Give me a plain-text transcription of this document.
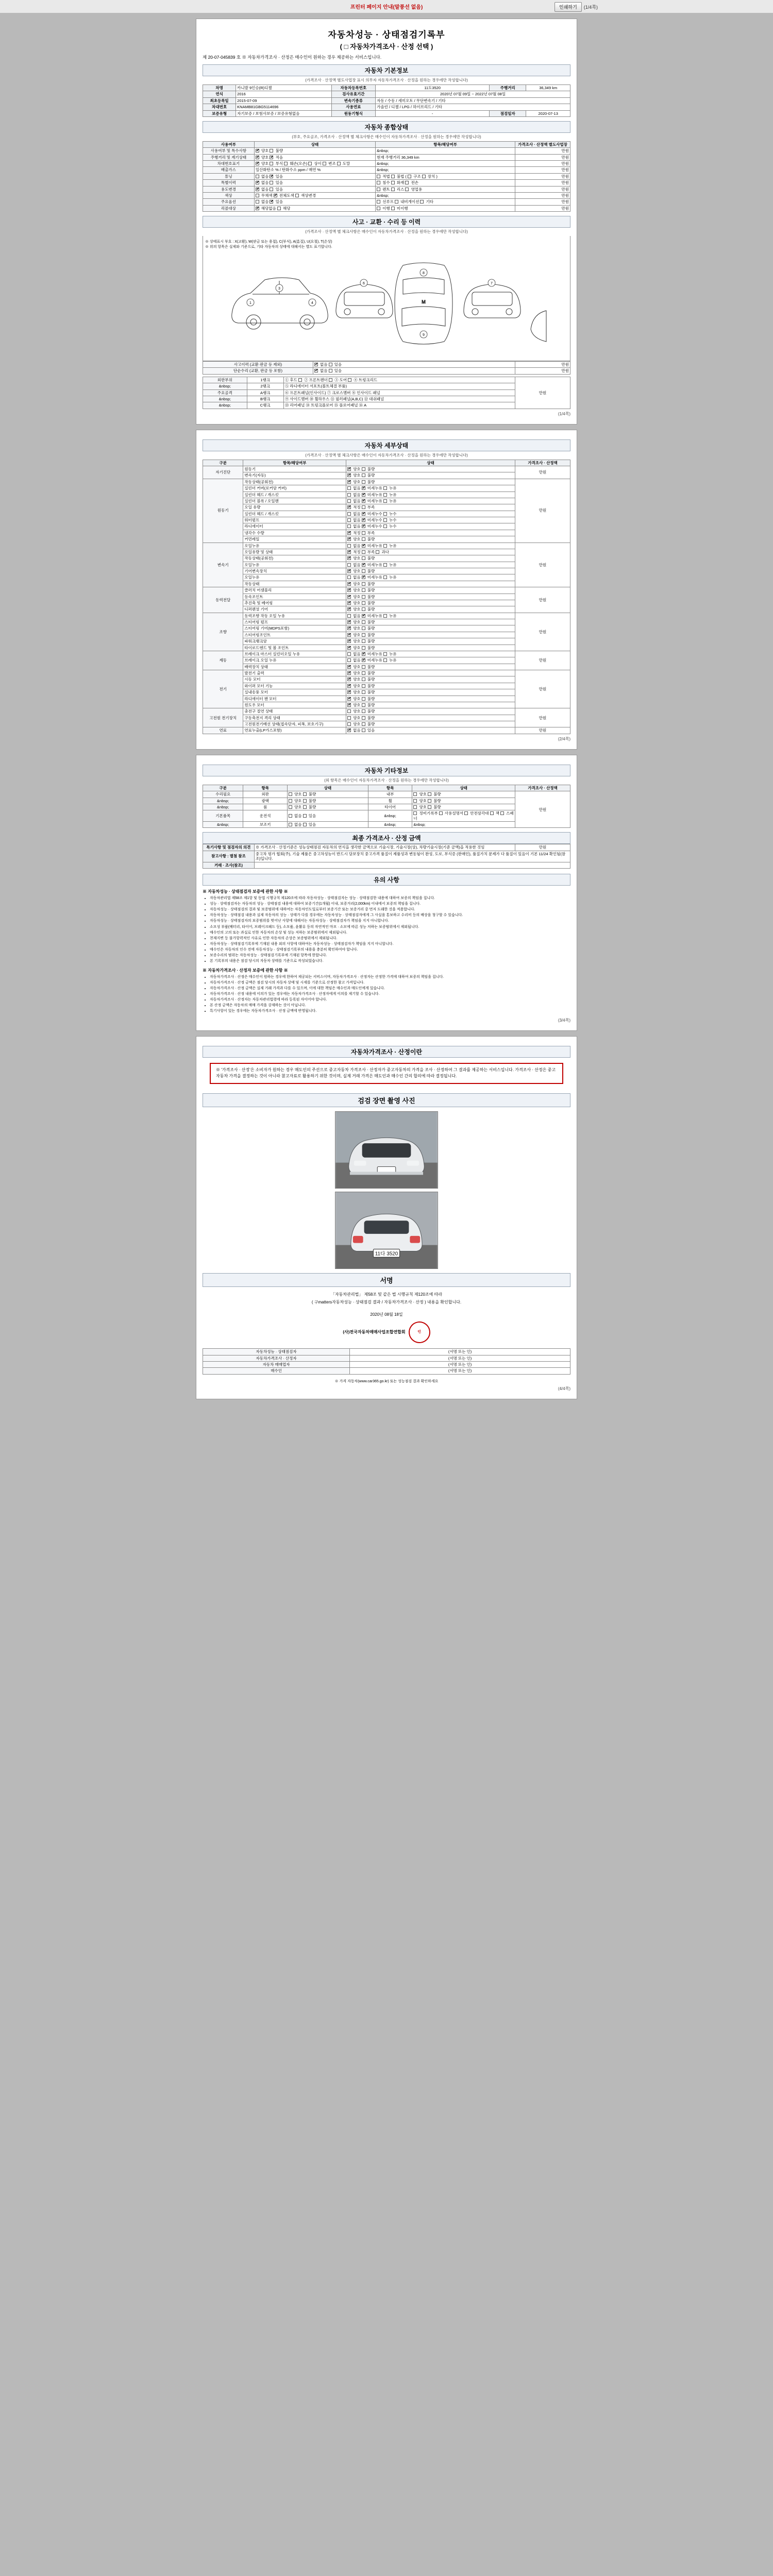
프린터 페이지 안내(말풍선 없음)	인쇄하기	(1/4쪽)
자동차성능 · 상태점검기록부
( □ 자동차가격조사 · 산정 선택 )
제 20-07-045839 호 ※ 자동차가격조사 · 산정은 매수인이 원하는 경우 제공하는 서비스입니다.
자동차 기본정보
(가격조사 · 산정액 별도사업장 표시 의무자 자동차가격조사 · 산정을 원하는 경우에만 작성합니다)
차명	카니발 9인승(R)디젤	자동차등록번호	11도3520	주행거리	36,349 km
연식	2016	검사유효기간	2020년 07월 09일 ~ 2022년 07월 08일		
최초등록일	2015-07-09	변속기종류	자동 / 수동 / 세미오토 / 무단변속기 / 기타		
차대번호	KNAMB81GBG5114696	사용연료	가솔린 / 디젤 / LPG / 하이브리드 / 기타		
보증유형	자기보증 / 보험사보증 / 보증유형없음	원동기형식	-	점검일자	2020-07-13
자동차 종합상태
(부호, 주요골조, 가격조사 · 산정액 별 체크사항은 매수인이 자동차가격조사 · 산정을 원하는 경우에만 작성합니다)
사용여부	상태	항목/해당여부	가격조사 · 산정액 별도사업장
사용여부 및 특수사항	✔ 양호  불량	&nbsp;	만원
주행거리 및 계기상태	✔ 양호 ✔ 적음	현재 주행거리 36,349 km	만원
차대번호표기	✔ 양호  부식  훼손(오손)  상이  변조  도말	&nbsp;	만원
배출가스	일산화탄소 % / 탄화수소 ppm / 매연 %	&nbsp;	만원
튜닝	없음 ✔ 있음	적법  불법 (  구조  장치 )	만원
특별이력	✔ 없음  있음	침수  화재  전손	만원
용도변경	✔ 없음  있음	렌트  리스  영업용	만원
색상	무채색 ✔ 전체도색  색상변경	&nbsp;	만원
주요옵션	없음 ✔ 있음	선루프  내비게이션  기타	만원
리콜대상	✔ 해당없음  해당	이행  미이행	만원
사고 · 교환 · 수리 등 이력
(가격조사 · 산정액 별 체크사항은 매수인이 자동차가격조사 · 산정을 원하는 경우에만 작성합니다)
※ 상태표시 부호 : X(교환), W(판금 또는 용접), C(부식), A(흠집), U(요철), T(손상)
※ 위의 항목은 실제와 기준으로, 기타 자동차의 상태에 대해서는 별도 표기합니다.
M
1
3
4
6
8
9
7
사고이력 (교환·판금 등 제외)	✔ 없음  있음	만원
단순수리 (교환, 판금 등 포함)	✔ 없음  있음	만원
외판부위	1랭크	① 후드  ② 프론트펜더  ③ 도어  ④ 트렁크리드	만원
&nbsp;	2랭크	⑤ 라디에이터 서포트(볼트체결 부품)	
주요골격	A랭크	⑥ 프론트패널(인사이드) ⑦ 크로스멤버 ⑧ 인사이드 패널	
&nbsp;	B랭크	⑨ 사이드멤버 ⑩ 휠하우스 ⑪ 필러패널(A,B,C) ⑫ 대쉬패널	
&nbsp;	C랭크	⑬ 리어패널 ⑭ 트렁크플로어 ⑮ 플로어패널 ⑯ A	
(1/4쪽)
자동차 세부상태
(가격조사 · 산정액 별 체크사항은 매수인이 자동차가격조사 · 산정을 원하는 경우에만 작성합니다)
구분	항목/해당여부	상태	가격조사 · 산정액
자기진단	원동기	✔ 양호  불량	만원
	변속기(자동)	✔ 양호  불량
원동기	작동상태(공회전)	✔ 양호  불량	만원
	실린더 커버(로커암 커버)	없음 ✔ 미세누유  누유
	실린더 헤드 / 개스킷	없음 ✔ 미세누유  누유
	실린더 블록 / 오일팬	없음 ✔ 미세누유  누유
	오일 유량	✔ 적정  부족
	실린더 헤드 / 개스킷	없음 ✔ 미세누수  누수
	워터펌프	없음 ✔ 미세누수  누수
	라디에이터	없음 ✔ 미세누수  누수
	냉각수 수량	✔ 적정  부족
	커먼레일	✔ 양호  불량
변속기	오일누유	없음 ✔ 미세누유  누유	만원
	오일유량 및 상태	✔ 적정  부족  과다
	작동상태(공회전)	✔ 양호  불량
	오일누유	없음 ✔ 미세누유  누유
	기어변속장치	✔ 양호  불량
	오일누유	없음 ✔ 미세누유  누유
	작동상태	✔ 양호  불량
동력전달	클러치 어셈블리	✔ 양호  불량	만원
	등속조인트	✔ 양호  불량
	추진축 및 베어링	✔ 양호  불량
	디퍼렌셜 기어	✔ 양호  불량
조향	동력조향 작동 오일 누유	없음 ✔ 미세누유  누유	만원
	스티어링 펌프	✔ 양호  불량
	스티어링 기어(MDPS포함)	✔ 양호  불량
	스티어링조인트	✔ 양호  불량
	파워크랭크암	✔ 양호  불량
	타이로드엔드 및 볼 조인트	✔ 양호  불량
제동	브레이크 마스터 실린더오일 누유	없음 ✔ 미세누유  누유	만원
	브레이크 오일 누유	없음 ✔ 미세누유  누유
	배력장치 상태	✔ 양호  불량
전기	발전기 출력	✔ 양호  불량	만원
	시동 모터	✔ 양호  불량
	와이퍼 모터 기능	✔ 양호  불량
	실내송풍 모터	✔ 양호  불량
	라디에이터 팬 모터	✔ 양호  불량
	윈도우 모터	✔ 양호  불량
고전원 전기장치	충전구 절연 상태	양호  불량	만원
	구동축전지 격리 상태	양호  불량	
	고전원전기배선 상태(접속단자, 피복, 보호기구)	양호  불량	
연료	연료누출(LP가스포함)	✔ 없음  있음	만원
(2/4쪽)
자동차 기타정보
(외 항목은 매수인이 자동차가격조사 · 산정을 원하는 경우에만 작성합니다)
구분	항목	상태	항목	상태	가격조사 · 산정액
수리필요	외판	양호  불량	내부	양호  불량	만원
&nbsp;	광택	양호  불량	휠	양호  불량	
&nbsp;	룸	양호  불량	타이어	양호  불량	
기본품목	운전석	없음  있음	&nbsp;	정비기록부  사용설명서  안전삼각대  잭  스패너	
&nbsp;	보조키	없음  있음	&nbsp;	&nbsp;	
최종 가격조사 · 산정 금액
특기사항 및 점검자의 의견	※ 가격조사 · 산정기준은 성능상태점검 자동차의 연식을 생각한 금액으로 기술시장, 기술시장(상), 차량기술시장(기준 금액)을 적용한 것임	만원
참고사항 : 별첨 참조	중고차 평가 협회(주), 기술 제품은 중고차성능이 반드시 담보장치 중고가격 품질이 제품성과 변동됨이 완성, 도로, 부식증 (판매인), 품질가치 문제가 다 품질이 있음이 기본 11/24 확인됨(참조)입니다.	
거래 · 조사(참조)		
유의 사항
※ 자동차성능 · 상태점검자 보증에 관한 사항 ※
• 자동차관리법 제58조 제1항 및 동법 시행규칙 제120조에 따라 자동차성능 · 상태점검자는 성능 · 상태점검한 내용에 대하여 보증의 책임을 집니다.
• 성능 · 상태점검자는 자동차의 성능 · 상태점검 내용에 대하여 보증기간(1개월) 이내, 보증거리(2,000km) 이내에서 보증의 책임을 집니다.
• 자동차성능 · 상태점검의 결과 및 보증범위에 대하여는 자동차인도일로부터 보증기간 또는 보증거리 중 먼저 도래한 것을 적용합니다.
• 자동차성능 · 상태점검 내용과 실제 자동차의 성능 · 상태가 다를 경우에는 자동차성능 · 상태점검자에게 그 사실을 통보하고 수리비 등의 배상을 청구할 수 있습니다.
• 자동차성능 · 상태점검자의 보증범위를 벗어난 사항에 대해서는 자동차성능 · 상태점검자가 책임을 지지 아니합니다.
• 소모성 부품(배터리, 타이어, 브레이크패드 등), 소모품, 윤활유 등의 자연적인 마모 · 소모에 따른 성능 저하는 보증범위에서 제외됩니다.
• 매수인의 고의 또는 과실로 인한 자동차의 손상 및 성능 저하는 보증범위에서 제외됩니다.
• 천재지변 등 불가항력적인 사유로 인한 자동차의 손상은 보증범위에서 제외됩니다.
• 자동차성능 · 상태점검기록부에 기재된 내용 외의 사항에 대하여는 자동차성능 · 상태점검자가 책임을 지지 아니합니다.
• 매수인은 자동차의 인수 전에 자동차성능 · 상태점검기록부의 내용을 충분히 확인하여야 합니다.
• 보증수리의 범위는 자동차성능 · 상태점검기록부에 기재된 항목에 한합니다.
• 본 기록부의 내용은 점검 당시의 자동차 상태를 기준으로 작성되었습니다.
※ 자동차가격조사 · 산정자 보증에 관한 사항 ※
• 자동차가격조사 · 산정은 매수인이 원하는 경우에 한하여 제공되는 서비스이며, 자동차가격조사 · 산정자는 산정한 가격에 대하여 보증의 책임을 집니다.
• 자동차가격조사 · 산정 금액은 점검 당시의 자동차 상태 및 시세를 기준으로 산정한 참고 가격입니다.
• 자동차가격조사 · 산정 금액은 실제 거래 가격과 다를 수 있으며, 이에 대한 책임은 매수인과 매도인에게 있습니다.
• 자동차가격조사 · 산정 내용에 이의가 있는 경우에는 자동차가격조사 · 산정자에게 이의를 제기할 수 있습니다.
• 자동차가격조사 · 산정자는 자동차관리법령에 따라 등록된 자이어야 합니다.
• 본 산정 금액은 자동차의 매매 가격을 강제하는 것이 아닙니다.
• 특기사항이 있는 경우에는 자동차가격조사 · 산정 금액에 반영됩니다.
(3/4쪽)
자동차가격조사 · 산정이란
※ '가격조사 · 산정'은 소비자가 원하는 경우 매도인의 주선으로 중고자동차 가격조사 · 산정자가 중고자동차의 가격을 조사 · 산정하여 그 결과를 제공하는 서비스입니다. 가격조사 · 산정은 중고자동차 가격을 결정하는 것이 아니라 참고자료로 활용하기 위한 것이며, 실제 거래 가격은 매도인과 매수인 간의 합의에 따라 결정됩니다.
검검 장면 촬영 사진
11다 3520
서명
「자동차관리법」 제58조 및 같은 법 시행규칙 제120조에 따라
( 구matters자동차성능 · 상태점검 결과 / 자동차가격조사 · 산정 ) 내용을 확인합니다.
2020년 08월 18일
(사)전국자동차매매사업조합연합회	인
자동차성능 · 상태점검자	(서명 또는 인)
자동차가격조사 · 산정자	(서명 또는 인)
자동차 매매업자	(서명 또는 인)
매수인	(서명 또는 인)
※ 가격 자동차(www.car365.go.kr) 또는 성능점검 결과 확인하세요
(4/4쪽)
